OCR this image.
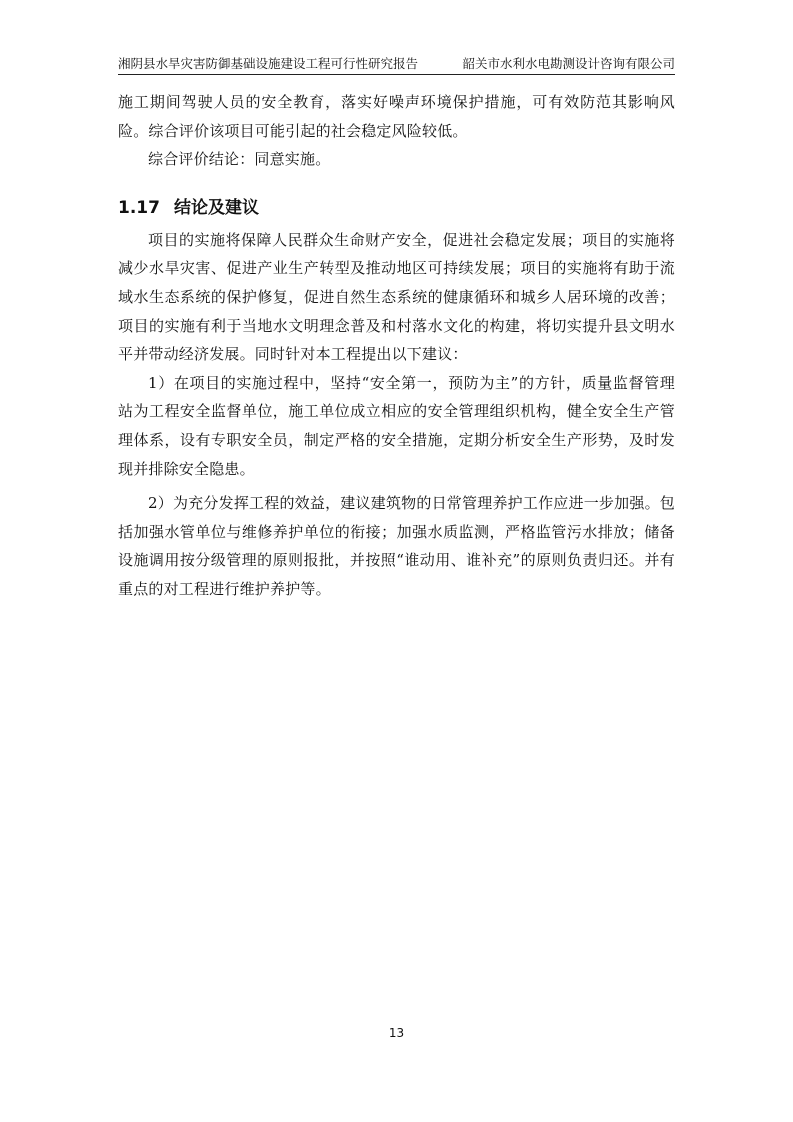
湘阴县水旱灾害防御基础设施建设工程可行性研究报告	韶关市水利水电勘测设计咨询有限公司

施工期间驾驶人员的安全教育，落实好噪声环境保护措施，可有效防范其影响风险。综合评价该项目可能引起的社会稳定风险较低。

综合评价结论：同意实施。

1.17 结论及建议

项目的实施将保障人民群众生命财产安全，促进社会稳定发展；项目的实施将减少水旱灾害、促进产业生产转型及推动地区可持续发展；项目的实施将有助于流域水生态系统的保护修复，促进自然生态系统的健康循环和城乡人居环境的改善；项目的实施有利于当地水文明理念普及和村落水文化的构建，将切实提升县文明水平并带动经济发展。同时针对本工程提出以下建议：

1）在项目的实施过程中，坚持“安全第一，预防为主”的方针，质量监督管理站为工程安全监督单位，施工单位成立相应的安全管理组织机构，健全安全生产管理体系，设有专职安全员，制定严格的安全措施，定期分析安全生产形势，及时发现并排除安全隐患。

2）为充分发挥工程的效益，建议建筑物的日常管理养护工作应进一步加强。包括加强水管单位与维修养护单位的衔接；加强水质监测，严格监管污水排放；储备设施调用按分级管理的原则报批，并按照“谁动用、谁补充”的原则负责归还。并有重点的对工程进行维护养护等。

13
